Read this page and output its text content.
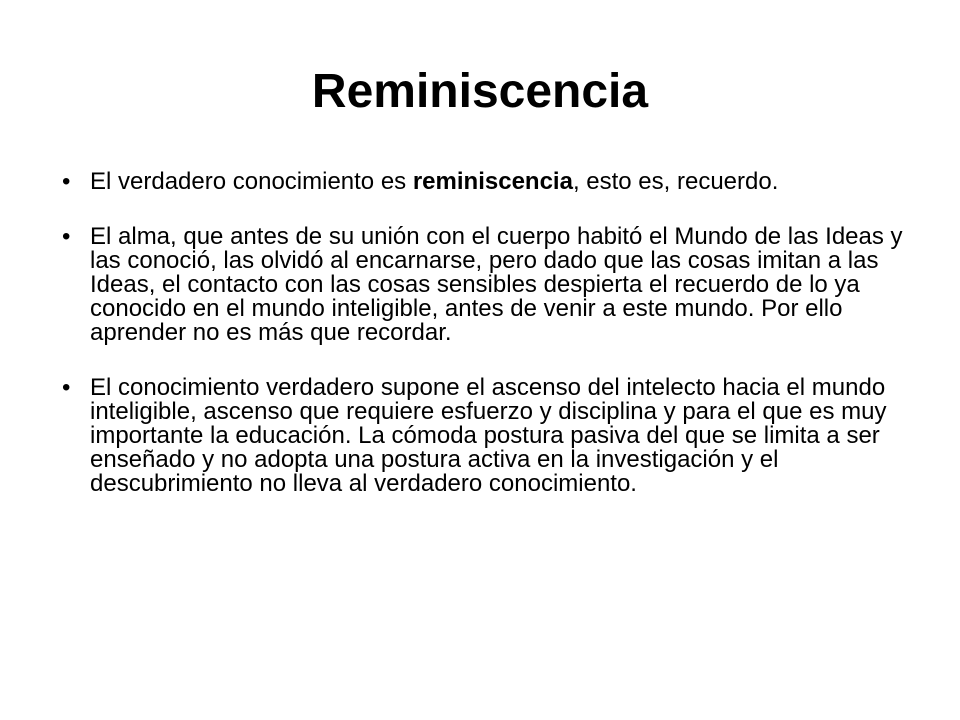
Reminiscencia
• El verdadero conocimiento es reminiscencia, esto es, recuerdo.
• El alma, que antes de su unión con el cuerpo habitó el Mundo de las Ideas y las conoció, las olvidó al encarnarse, pero dado que las cosas imitan a las Ideas, el contacto con las cosas sensibles despierta el recuerdo de lo ya conocido en el mundo inteligible, antes de venir a este mundo. Por ello aprender no es más que recordar.
• El conocimiento verdadero supone el ascenso del intelecto hacia el mundo inteligible, ascenso que requiere esfuerzo y disciplina y para el que es muy importante la educación. La cómoda postura pasiva del que se limita a ser enseñado y no adopta una postura activa en la investigación y el descubrimiento no lleva al verdadero conocimiento.
